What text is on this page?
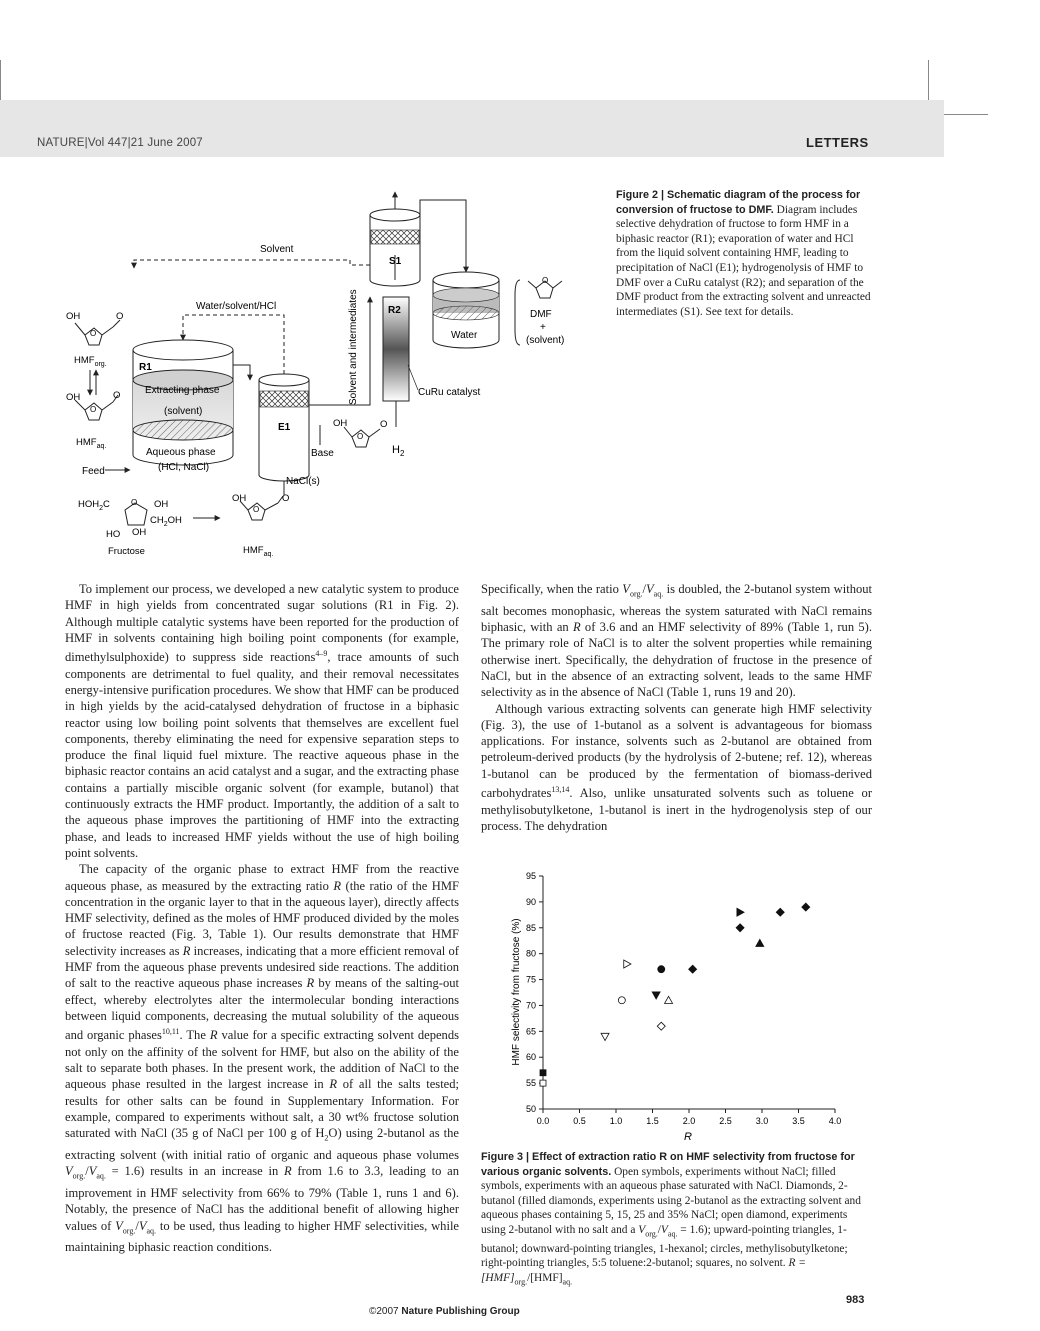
NATURE|Vol 447|21 June 2007	LETTERS
R1
Extracting phase
(solvent)
Aqueous phase
(HCl, NaCl)
E1
S1
R2
CuRu catalyst
Water
Solvent
Water/solvent/HCl	Solvent and intermediates
Base
NaCl(s)
$H_2$
Feed
DMF
+
(solvent)
OH	O
O
$HMF_{org.}$
OH	O
O
$HMF_{aq.}$
OH	O
O
O
$HOH_2C$	O OH
$CH_2OH$
HO OH
Fructose
OH	O
O
$HMF_{aq.}$
Figure 2 | Schematic diagram of the process for conversion of fructose to DMF. Diagram includes selective dehydration of fructose to form HMF in a biphasic reactor (R1); evaporation of water and HCl from the liquid solvent containing HMF, leading to precipitation of NaCl (E1); hydrogenolysis of HMF to DMF over a CuRu catalyst (R2); and separation of the DMF product from the extracting solvent and unreacted intermediates (S1). See text for details.

To implement our process, we developed a new catalytic system to produce HMF in high yields from concentrated sugar solutions (R1 in Fig. 2). Although multiple catalytic systems have been reported for the production of HMF in solvents containing high boiling point components (for example, dimethylsulphoxide) to suppress side reactions$^{4-9}$, trace amounts of such components are detrimental to fuel quality, and their removal necessitates energy-intensive purification procedures. We show that HMF can be produced in high yields by the acid-catalysed dehydration of fructose in a biphasic reactor using low boiling point solvents that themselves are excellent fuel components, thereby eliminating the need for expensive separation steps to produce the final liquid fuel mixture. The reactive aqueous phase in the biphasic reactor contains an acid catalyst and a sugar, and the extracting phase contains a partially miscible organic solvent (for example, butanol) that continuously extracts the HMF product. Importantly, the addition of a salt to the aqueous phase improves the partitioning of HMF into the extracting phase, and leads to increased HMF yields without the use of high boiling point solvents.

The capacity of the organic phase to extract HMF from the reactive aqueous phase, as measured by the extracting ratio R (the ratio of the HMF concentration in the organic layer to that in the aqueous layer), directly affects HMF selectivity, defined as the moles of HMF produced divided by the moles of fructose reacted (Fig. 3, Table 1). Our results demonstrate that HMF selectivity increases as R increases, indicating that a more efficient removal of HMF from the aqueous phase prevents undesired side reactions. The addition of salt to the reactive aqueous phase increases R by means of the salting-out effect, whereby electrolytes alter the intermolecular bonding interactions between liquid components, decreasing the mutual solubility of the aqueous and organic phases$^{10,11}$. The R value for a specific extracting solvent depends not only on the affinity of the solvent for HMF, but also on the ability of the salt to separate both phases. In the present work, the addition of NaCl to the aqueous phase resulted in the largest increase in R of all the salts tested; results for other salts can be found in Supplementary Information. For example, compared to experiments without salt, a 30 wt% fructose solution saturated with NaCl (35 g of NaCl per 100 g of $H_2O$) using 2-butanol as the extracting solvent (with initial ratio of organic and aqueous phase volumes $V_{org.}/V_{aq.} = 1.6$) results in an increase in R from 1.6 to 3.3, leading to an improvement in HMF selectivity from 66% to 79% (Table 1, runs 1 and 6). Notably, the presence of NaCl has the additional benefit of allowing higher values of $V_{org.}/V_{aq.}$ to be used, thus leading to higher HMF selectivities, while maintaining biphasic reaction conditions.

Specifically, when the ratio $V_{org.}/V_{aq.}$ is doubled, the 2-butanol system without salt becomes monophasic, whereas the system saturated with NaCl remains biphasic, with an R of 3.6 and an HMF selectivity of 89% (Table 1, run 5). The primary role of NaCl is to alter the solvent properties while remaining otherwise inert. Specifically, the dehydration of fructose in the presence of NaCl, but in the absence of an extracting solvent, leads to the same HMF selectivity as in the absence of NaCl (Table 1, runs 19 and 20).

Although various extracting solvents can generate high HMF selectivity (Fig. 3), the use of 1-butanol as a solvent is advantageous for biomass applications. For instance, solvents such as 2-butanol are obtained from petroleum-derived products (by the hydrolysis of 2-butene; ref. 12), whereas 1-butanol can be produced by the fermentation of biomass-derived carbohydrates$^{13,14}$. Also, unlike unsaturated solvents such as toluene or methylisobutylketone, 1-butanol is inert in the hydrogenolysis step of our process. The dehydration

50
55
60
65
70
75
80
85
90
95
0.0	0.5	1.0	1.5	2.0	2.5	3.0	3.5	4.0
HMF selectivity from fructose (%)
R
Figure 3 | Effect of extraction ratio R on HMF selectivity from fructose for various organic solvents. Open symbols, experiments without NaCl; filled symbols, experiments with an aqueous phase saturated with NaCl. Diamonds, 2-butanol (filled diamonds, experiments using 2-butanol as the extracting solvent and aqueous phases containing 5, 15, 25 and 35% NaCl; open diamond, experiments using 2-butanol with no salt and a $V_{org.}/V_{aq.} = 1.6$); upward-pointing triangles, 1-butanol; downward-pointing triangles, 1-hexanol; circles, methylisobutylketone; right-pointing triangles, 5:5 toluene:2-butanol; squares, no solvent. $R = [HMF]_{org.}/[HMF]_{aq.}$
983
©2007 Nature Publishing Group
